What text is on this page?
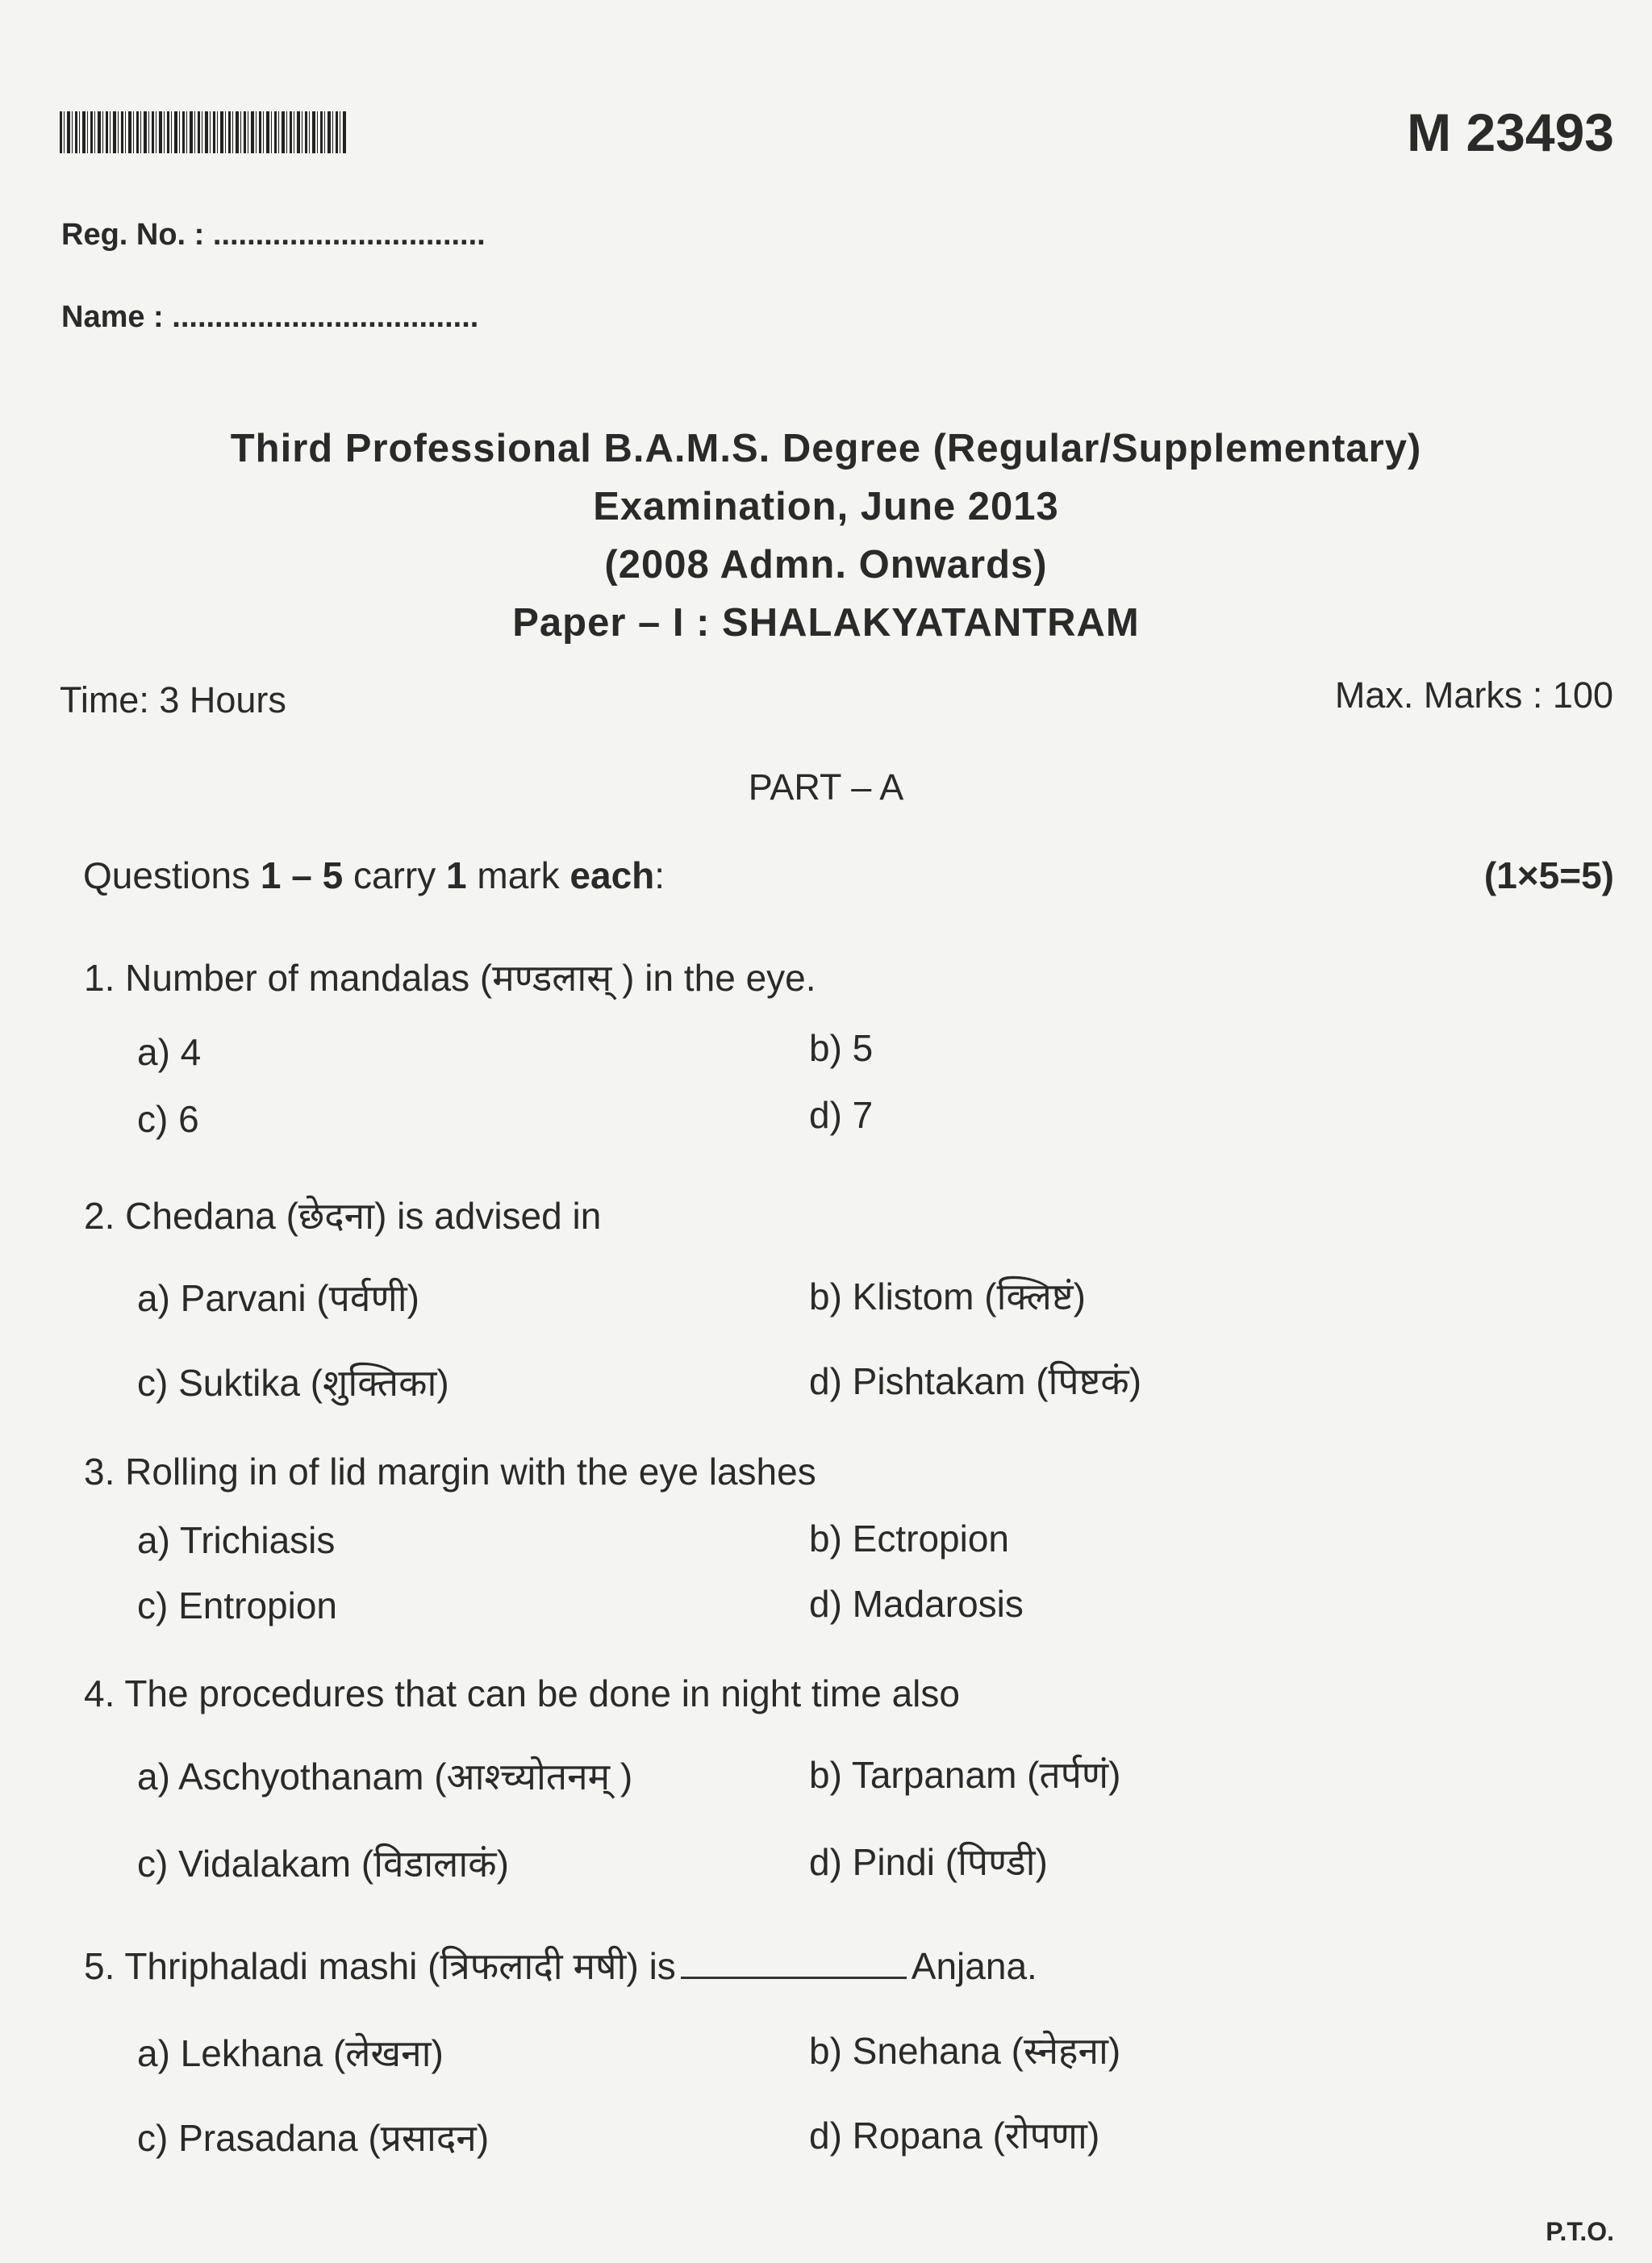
M 23493
Reg. No. : ................................
Name : ....................................
Third Professional B.A.M.S. Degree (Regular/Supplementary)
Examination, June 2013
(2008 Admn. Onwards)
Paper – I : SHALAKYATANTRAM
Time: 3 Hours	Max. Marks : 100
PART – A
Questions 1 – 5 carry 1 mark each:	(1×5=5)
1. Number of mandalas (मण्डलास् ) in the eye.
a) 4	b) 5
c) 6	d) 7
2. Chedana (छेदना) is advised in
a) Parvani (पर्वणी)	b) Klistom (क्लिष्टं)
c) Suktika (शुक्तिका)	d) Pishtakam (पिष्टकं)
3. Rolling in of lid margin with the eye lashes
a) Trichiasis	b) Ectropion
c) Entropion	d) Madarosis
4. The procedures that can be done in night time also
a) Aschyothanam (आश्च्योतनम् )	b) Tarpanam (तर्पणं)
c) Vidalakam (विडालाकं)	d) Pindi (पिण्डी)
5. Thriphaladi mashi (त्रिफलादी मषी) is	Anjana.
a) Lekhana (लेखना)	b) Snehana (स्नेहना)
c) Prasadana (प्रसादन)	d) Ropana (रोपणा)
P.T.O.
